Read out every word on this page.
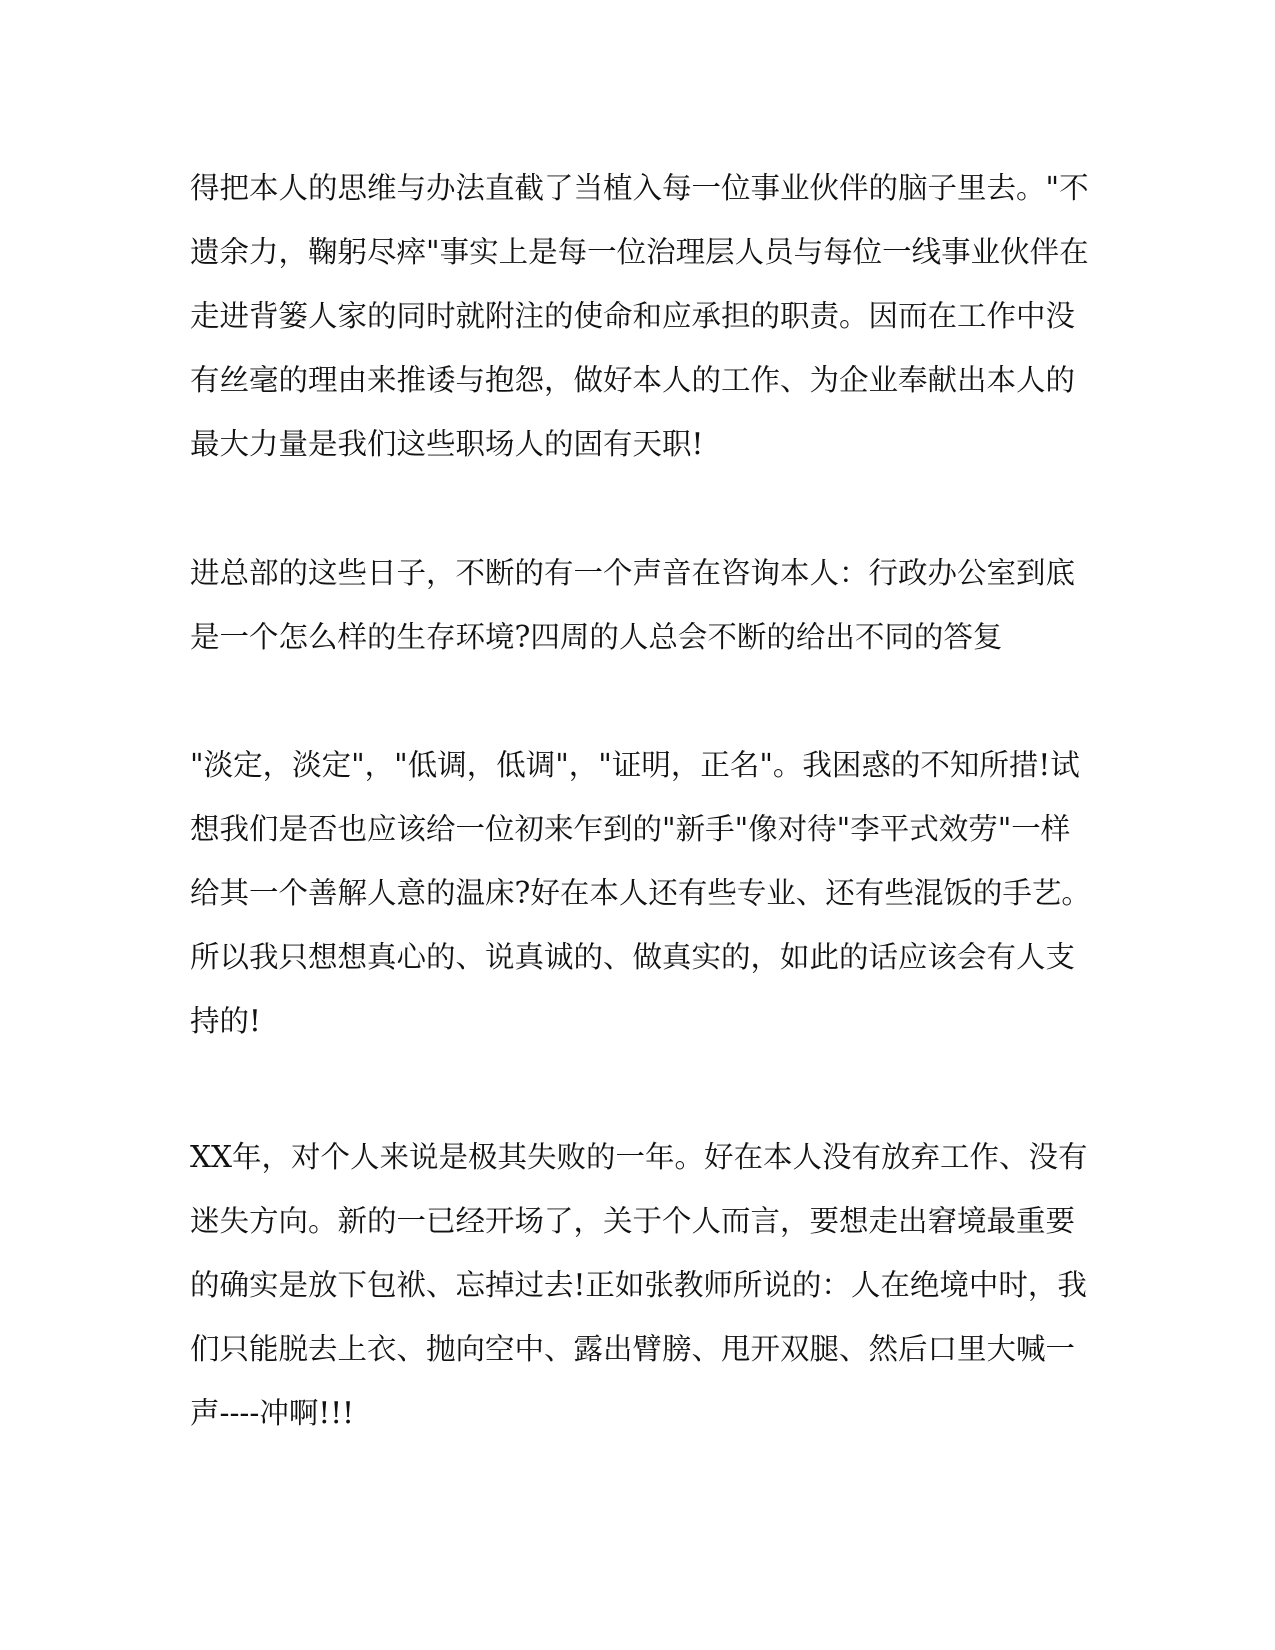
得把本人的思维与办法直截了当植入每一位事业伙伴的脑子里去。"不
遗余力，鞠躬尽瘁"事实上是每一位治理层人员与每位一线事业伙伴在
走进背篓人家的同时就附注的使命和应承担的职责。因而在工作中没
有丝毫的理由来推诿与抱怨，做好本人的工作、为企业奉献出本人的
最大力量是我们这些职场人的固有天职!
进总部的这些日子，不断的有一个声音在咨询本人：行政办公室到底
是一个怎么样的生存环境?四周的人总会不断的给出不同的答复
"淡定，淡定"，"低调，低调"，"证明，正名"。我困惑的不知所措!试
想我们是否也应该给一位初来乍到的"新手"像对待"李平式效劳"一样
给其一个善解人意的温床?好在本人还有些专业、还有些混饭的手艺。
所以我只想想真心的、说真诚的、做真实的，如此的话应该会有人支
持的!
XX年，对个人来说是极其失败的一年。好在本人没有放弃工作、没有
迷失方向。新的一已经开场了，关于个人而言，要想走出窘境最重要
的确实是放下包袱、忘掉过去!正如张教师所说的：人在绝境中时，我
们只能脱去上衣、抛向空中、露出臂膀、甩开双腿、然后口里大喊一
声----冲啊!!!
